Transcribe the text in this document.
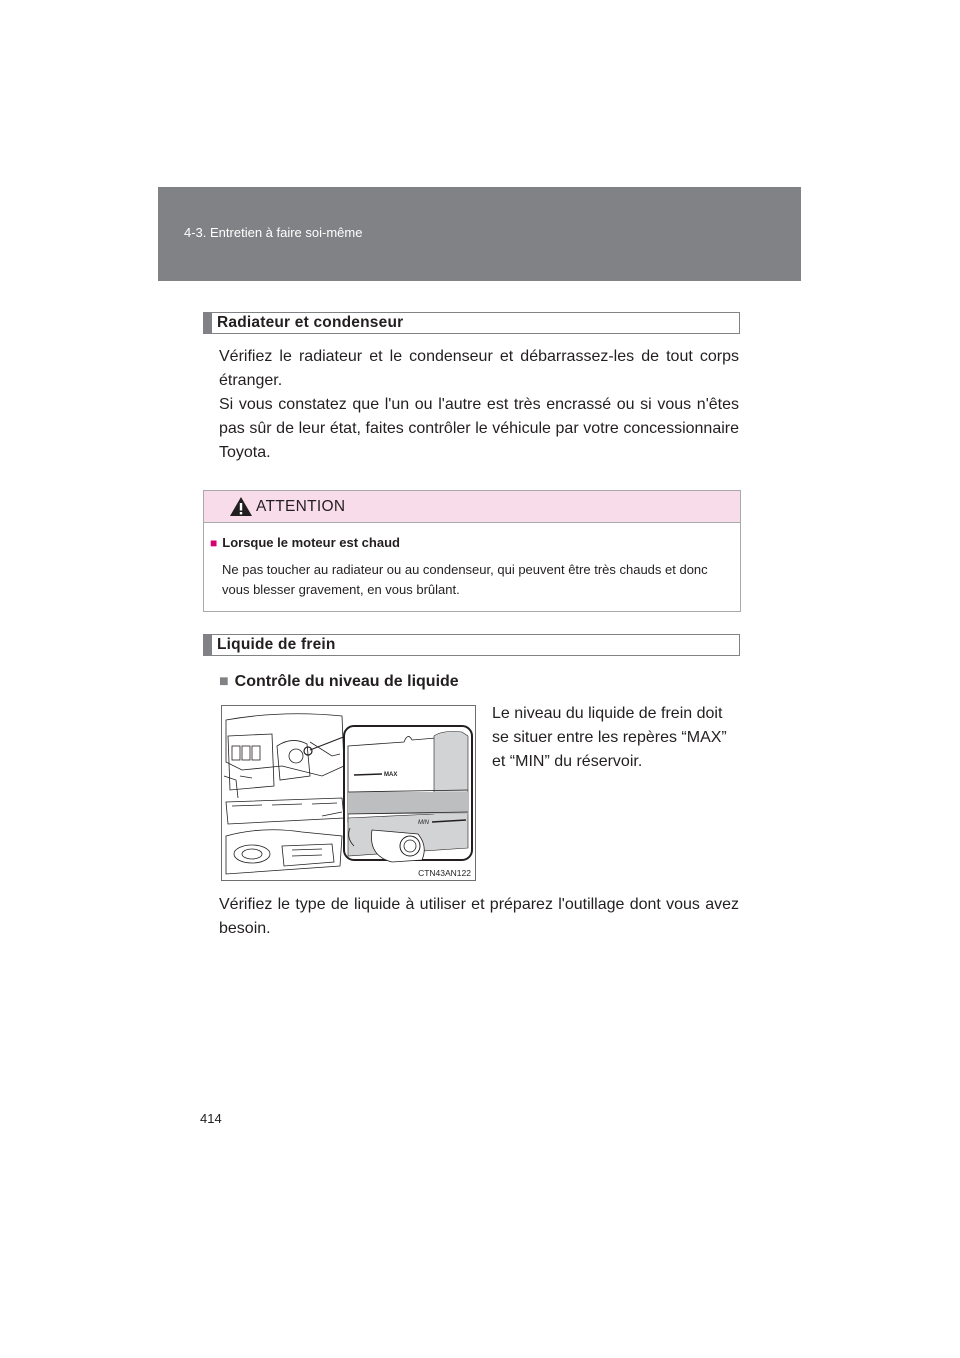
4-3. Entretien à faire soi-même
Radiateur et condenseur

Vérifiez le radiateur et le condenseur et débarrassez-les de tout corps étranger.

Si vous constatez que l'un ou l'autre est très encrassé ou si vous n'êtes pas sûr de leur état, faites contrôler le véhicule par votre concessionnaire Toyota.

ATTENTION
■ Lorsque le moteur est chaud
Ne pas toucher au radiateur ou au condenseur, qui peuvent être très chauds et donc vous blesser gravement, en vous brûlant.
Liquide de frein
■ Contrôle du niveau de liquide
MAX
MIN
CTN43AN122

Le niveau du liquide de frein doit se situer entre les repères “MAX” et “MIN” du réservoir.

Vérifiez le type de liquide à utiliser et préparez l'outillage dont vous avez besoin.

414
